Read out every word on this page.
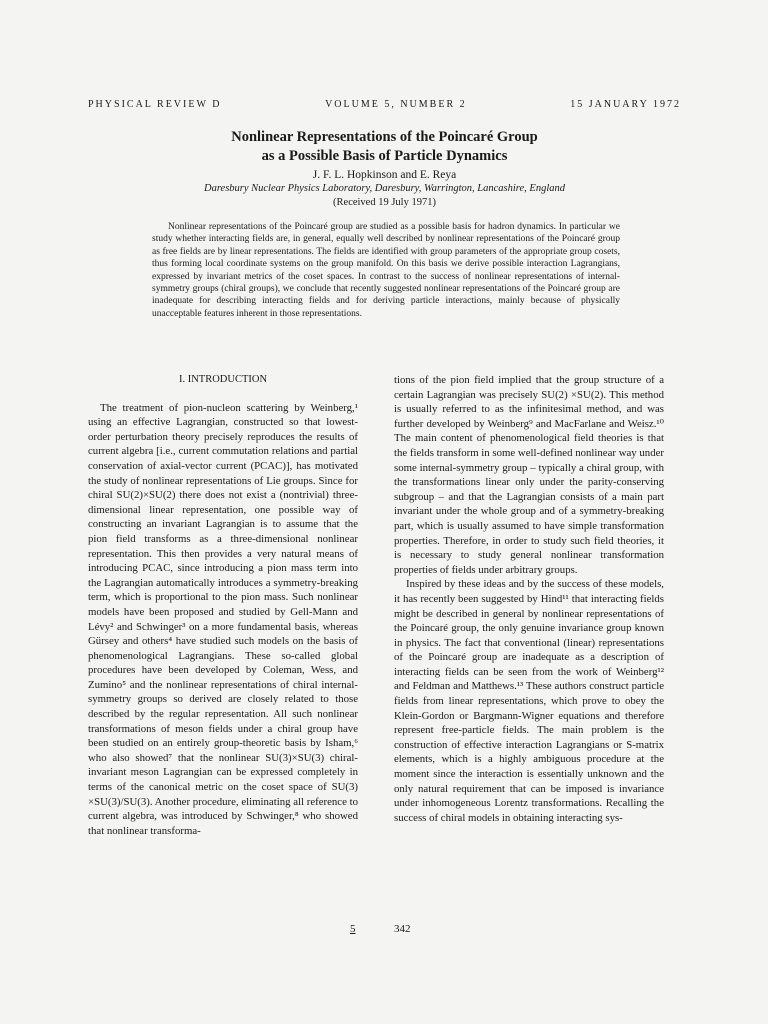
PHYSICAL REVIEW D	VOLUME 5, NUMBER 2	15 JANUARY 1972
Nonlinear Representations of the Poincaré Group
as a Possible Basis of Particle Dynamics
J. F. L. Hopkinson and E. Reya
Daresbury Nuclear Physics Laboratory, Daresbury, Warrington, Lancashire, England
(Received 19 July 1971)
Nonlinear representations of the Poincaré group are studied as a possible basis for hadron dynamics. In particular we study whether interacting fields are, in general, equally well described by nonlinear representations of the Poincaré group as free fields are by linear representations. The fields are identified with group parameters of the appropriate group cosets, thus forming local coordinate systems on the group manifold. On this basis we derive possible interaction Lagrangians, expressed by invariant metrics of the coset spaces. In contrast to the success of nonlinear representations of internal-symmetry groups (chiral groups), we conclude that recently suggested nonlinear representations of the Poincaré group are inadequate for describing interacting fields and for deriving particle interactions, mainly because of physically unacceptable features inherent in those representations.
I. INTRODUCTION

The treatment of pion-nucleon scattering by Weinberg,¹ using an effective Lagrangian, constructed so that lowest-order perturbation theory precisely reproduces the results of current algebra [i.e., current commutation relations and partial conservation of axial-vector current (PCAC)], has motivated the study of nonlinear representations of Lie groups. Since for chiral SU(2)×SU(2) there does not exist a (nontrivial) three-dimensional linear representation, one possible way of constructing an invariant Lagrangian is to assume that the pion field transforms as a three-dimensional nonlinear representation. This then provides a very natural means of introducing PCAC, since introducing a pion mass term into the Lagrangian automatically introduces a symmetry-breaking term, which is proportional to the pion mass. Such nonlinear models have been proposed and studied by Gell-Mann and Lévy² and Schwinger³ on a more fundamental basis, whereas Gürsey and others⁴ have studied such models on the basis of phenomenological Lagrangians. These so-called global procedures have been developed by Coleman, Wess, and Zumino⁵ and the nonlinear representations of chiral internal-symmetry groups so derived are closely related to those described by the regular representation. All such nonlinear transformations of meson fields under a chiral group have been studied on an entirely group-theoretic basis by Isham,⁶ who also showed⁷ that the nonlinear SU(3)×SU(3) chiral-invariant meson Lagrangian can be expressed completely in terms of the canonical metric on the coset space of SU(3) ×SU(3)/SU(3). Another procedure, eliminating all reference to current algebra, was introduced by Schwinger,⁸ who showed that nonlinear transforma-

tions of the pion field implied that the group structure of a certain Lagrangian was precisely SU(2) ×SU(2). This method is usually referred to as the infinitesimal method, and was further developed by Weinberg⁹ and MacFarlane and Weisz.¹⁰ The main content of phenomenological field theories is that the fields transform in some well-defined nonlinear way under some internal-symmetry group – typically a chiral group, with the transformations linear only under the parity-conserving subgroup – and that the Lagrangian consists of a main part invariant under the whole group and of a symmetry-breaking part, which is usually assumed to have simple transformation properties. Therefore, in order to study such field theories, it is necessary to study general nonlinear transformation properties of fields under arbitrary groups.

Inspired by these ideas and by the success of these models, it has recently been suggested by Hind¹¹ that interacting fields might be described in general by nonlinear representations of the Poincaré group, the only genuine invariance group known in physics. The fact that conventional (linear) representations of the Poincaré group are inadequate as a description of interacting fields can be seen from the work of Weinberg¹² and Feldman and Matthews.¹³ These authors construct particle fields from linear representations, which prove to obey the Klein-Gordon or Bargmann-Wigner equations and therefore represent free-particle fields. The main problem is the construction of effective interaction Lagrangians or S-matrix elements, which is a highly ambiguous procedure at the moment since the interaction is essentially unknown and the only natural requirement that can be imposed is invariance under inhomogeneous Lorentz transformations. Recalling the success of chiral models in obtaining interacting sys-

5	342
